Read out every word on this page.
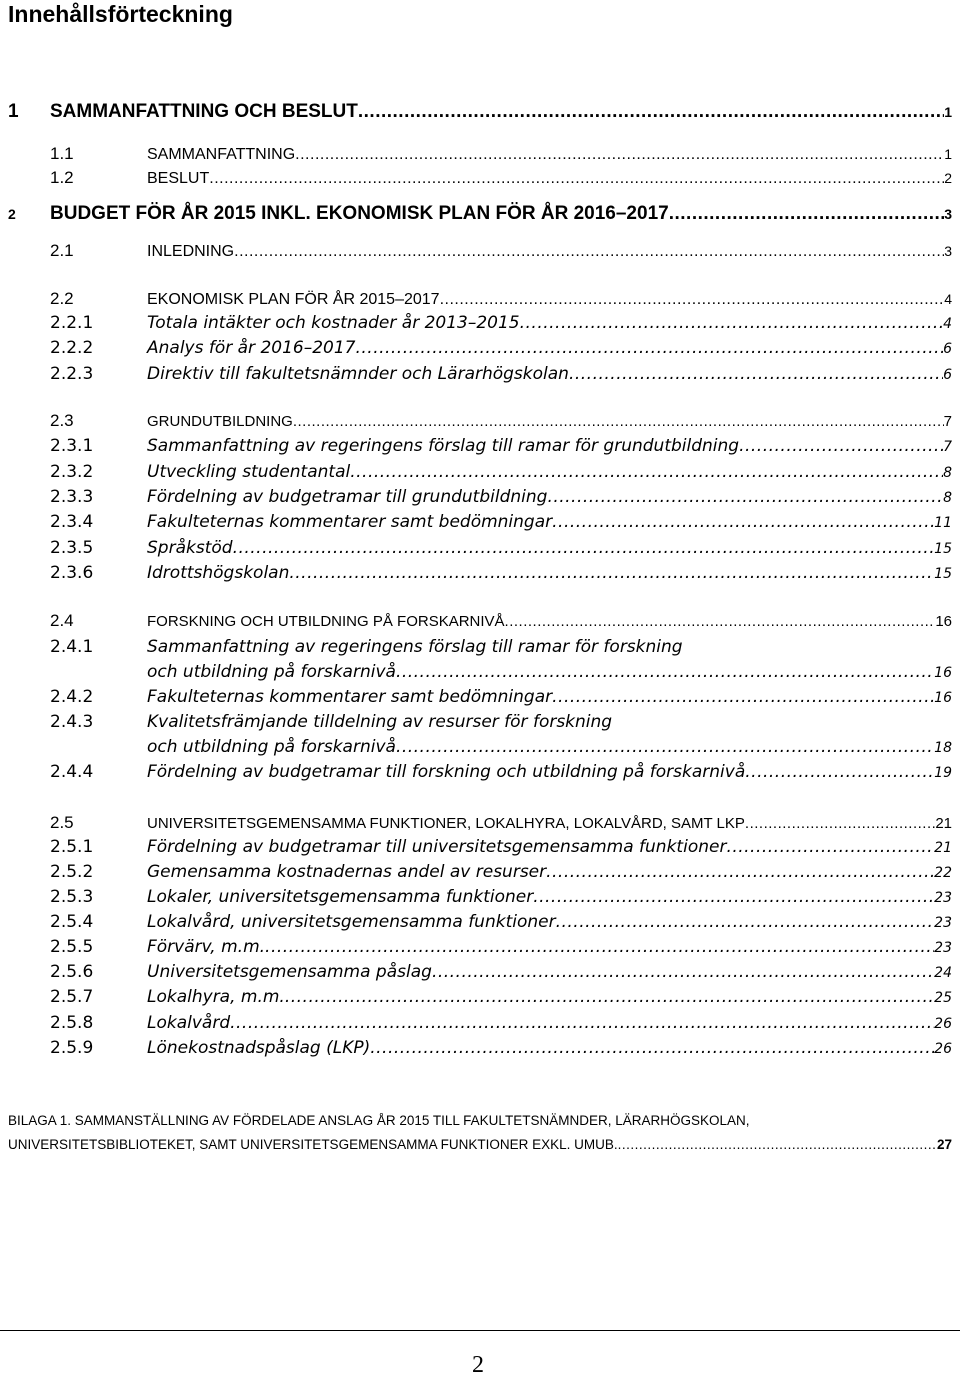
Innehållsförteckning
1	SAMMANFATTNING OCH BESLUT .....	1
1.1	SAMMANFATTNING .....	1
1.2	BESLUT .....	2
2	BUDGET FÖR ÅR 2015 INKL. EKONOMISK PLAN FÖR ÅR 2016–2017 .....	3
2.1	INLEDNING .....	3
2.2	EKONOMISK PLAN FÖR ÅR 2015–2017 .....	4
2.2.1	Totala intäkter och kostnader år 2013–2015 .....	4
2.2.2	Analys för år 2016–2017 .....	6
2.2.3	Direktiv till fakultetsnämnder och Lärarhögskolan .....	6
2.3	GRUNDUTBILDNING .....	7
2.3.1	Sammanfattning av regeringens förslag till ramar för grundutbildning .....	7
2.3.2	Utveckling studentantal .....	8
2.3.3	Fördelning av budgetramar till grundutbildning .....	8
2.3.4	Fakulteternas kommentarer samt bedömningar .....	11
2.3.5	Språkstöd .....	15
2.3.6	Idrottshögskolan .....	15
2.4	FORSKNING OCH UTBILDNING PÅ FORSKARNIVÅ .....	16
2.4.1	Sammanfattning av regeringens förslag till ramar för forskning
och utbildning på forskarnivå .....	16
2.4.2	Fakulteternas kommentarer samt bedömningar .....	16
2.4.3	Kvalitetsfrämjande tilldelning av resurser för forskning
och utbildning på forskarnivå .....	18
2.4.4	Fördelning av budgetramar till forskning och utbildning på forskarnivå .....	19
2.5	UNIVERSITETSGEMENSAMMA FUNKTIONER, LOKALHYRA, LOKALVÅRD, SAMT LKP .....	21
2.5.1	Fördelning av budgetramar till universitetsgemensamma funktioner .....	21
2.5.2	Gemensamma kostnadernas andel av resurser .....	22
2.5.3	Lokaler, universitetsgemensamma funktioner .....	23
2.5.4	Lokalvård, universitetsgemensamma funktioner .....	23
2.5.5	Förvärv, m.m. .....	23
2.5.6	Universitetsgemensamma påslag .....	24
2.5.7	Lokalhyra, m.m. .....	25
2.5.8	Lokalvård .....	26
2.5.9	Lönekostnadspåslag (LKP) .....	26
BILAGA 1. SAMMANSTÄLLNING AV FÖRDELADE ANSLAG ÅR 2015 TILL FAKULTETSNÄMNDER, LÄRARHÖGSKOLAN,
UNIVERSITETSBIBLIOTEKET, SAMT UNIVERSITETSGEMENSAMMA FUNKTIONER EXKL. UMUB. .....	27
2
